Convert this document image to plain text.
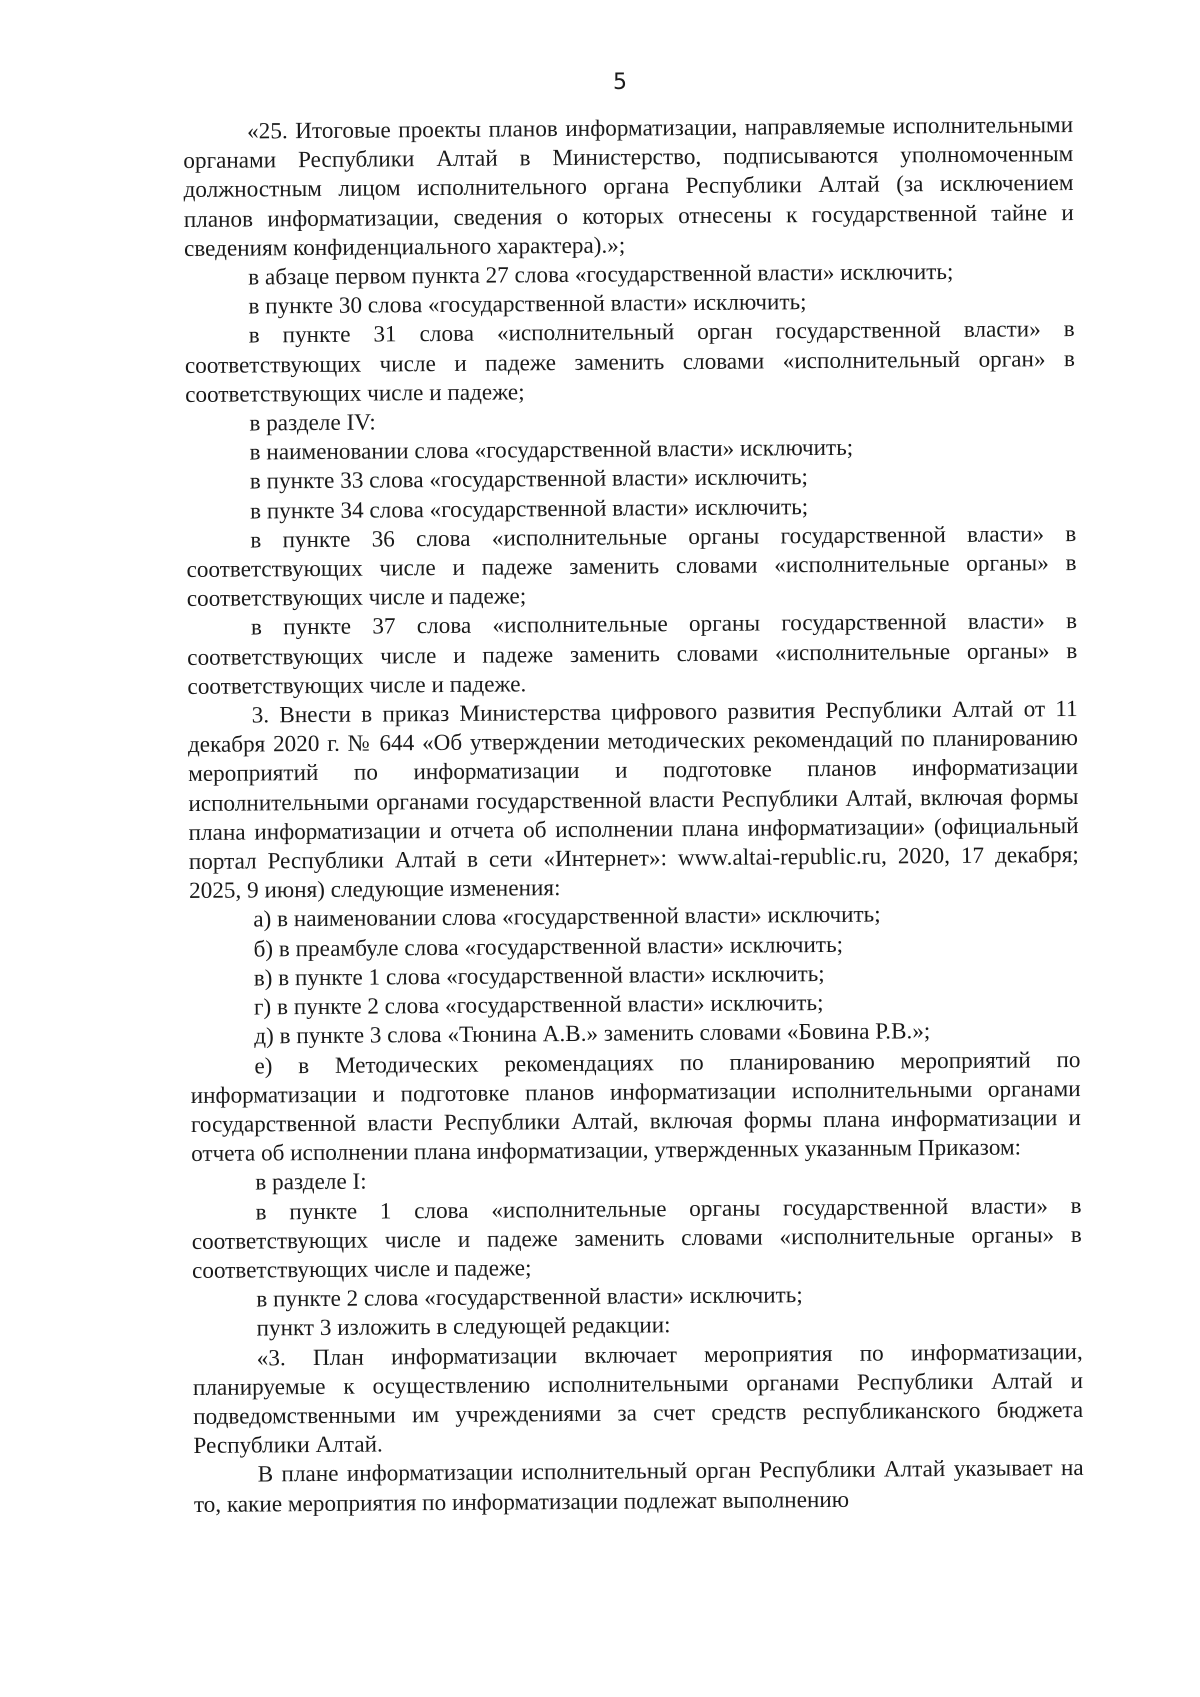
5

«25. Итоговые проекты планов информатизации, направляемые исполнительными органами Республики Алтай в Министерство, подписываются уполномоченным должностным лицом исполнительного органа Республики Алтай (за исключением планов информатизации, сведения о которых отнесены к государственной тайне и сведениям конфиденциального характера).»;

в абзаце первом пункта 27 слова «государственной власти» исключить;

в пункте 30 слова «государственной власти» исключить;

в пункте 31 слова «исполнительный орган государственной власти» в соответствующих числе и падеже заменить словами «исполнительный орган» в соответствующих числе и падеже;

в разделе IV:

в наименовании слова «государственной власти» исключить;

в пункте 33 слова «государственной власти» исключить;

в пункте 34 слова «государственной власти» исключить;

в пункте 36 слова «исполнительные органы государственной власти» в соответствующих числе и падеже заменить словами «исполнительные органы» в соответствующих числе и падеже;

в пункте 37 слова «исполнительные органы государственной власти» в соответствующих числе и падеже заменить словами «исполнительные органы» в соответствующих числе и падеже.

3. Внести в приказ Министерства цифрового развития Республики Алтай от 11 декабря 2020 г. № 644 «Об утверждении методических рекомендаций по планированию мероприятий по информатизации и подготовке планов информатизации исполнительными органами государственной власти Республики Алтай, включая формы плана информатизации и отчета об исполнении плана информатизации» (официальный портал Республики Алтай в сети «Интернет»: www.altai-republic.ru, 2020, 17 декабря; 2025, 9 июня) следующие изменения:

а) в наименовании слова «государственной власти» исключить;

б) в преамбуле слова «государственной власти» исключить;

в) в пункте 1 слова «государственной власти» исключить;

г) в пункте 2 слова «государственной власти» исключить;

д) в пункте 3 слова «Тюнина А.В.» заменить словами «Бовина Р.В.»;

е) в Методических рекомендациях по планированию мероприятий по информатизации и подготовке планов информатизации исполнительными органами государственной власти Республики Алтай, включая формы плана информатизации и отчета об исполнении плана информатизации, утвержденных указанным Приказом:

в разделе I:

в пункте 1 слова «исполнительные органы государственной власти» в соответствующих числе и падеже заменить словами «исполнительные органы» в соответствующих числе и падеже;

в пункте 2 слова «государственной власти» исключить;

пункт 3 изложить в следующей редакции:

«3. План информатизации включает мероприятия по информатизации, планируемые к осуществлению исполнительными органами Республики Алтай и подведомственными им учреждениями за счет средств республиканского бюджета Республики Алтай.

В плане информатизации исполнительный орган Республики Алтай указывает на то, какие мероприятия по информатизации подлежат выполнению
